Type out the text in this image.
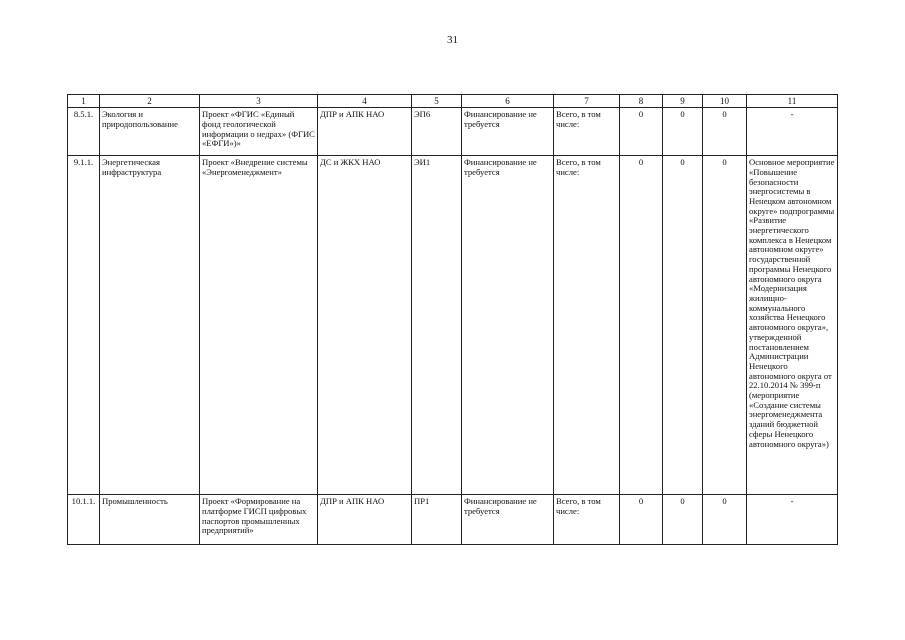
31
1	2	3	4	5	6	7	8	9	10	11
8.5.1.	Экология и природопользование	Проект «ФГИС «Единый фонд геологической информации о недрах» (ФГИС «ЕФГИ»)»	ДПР и АПК НАО	ЭП6	Финансирование не требуется	Всего, в том числе:	0	0	0	-
9.1.1.	Энергетическая инфраструктура	Проект «Внедрение системы «Энергоменеджмент»	ДС и ЖКХ НАО	ЭИ1	Финансирование не требуется	Всего, в том числе:	0	0	0	Основное мероприятие «Повышение безопасности энергосистемы в Ненецком автономном округе» подпрограммы «Развитие энергетического комплекса в Ненецком автономном округе» государственной программы Ненецкого автономного округа «Модернизация жилищно-коммунального хозяйства Ненецкого автономного округа», утвержденной постановлением Администрации Ненецкого автономного округа от 22.10.2014 № 399-п (мероприятие «Создание системы энергоменеджмента зданий бюджетной сферы Ненецкого автономного округа»)
10.1.1.	Промышленность	Проект «Формирование на платформе ГИСП цифровых паспортов промышленных предприятий»	ДПР и АПК НАО	ПР1	Финансирование не требуется	Всего, в том числе:	0	0	0	-
